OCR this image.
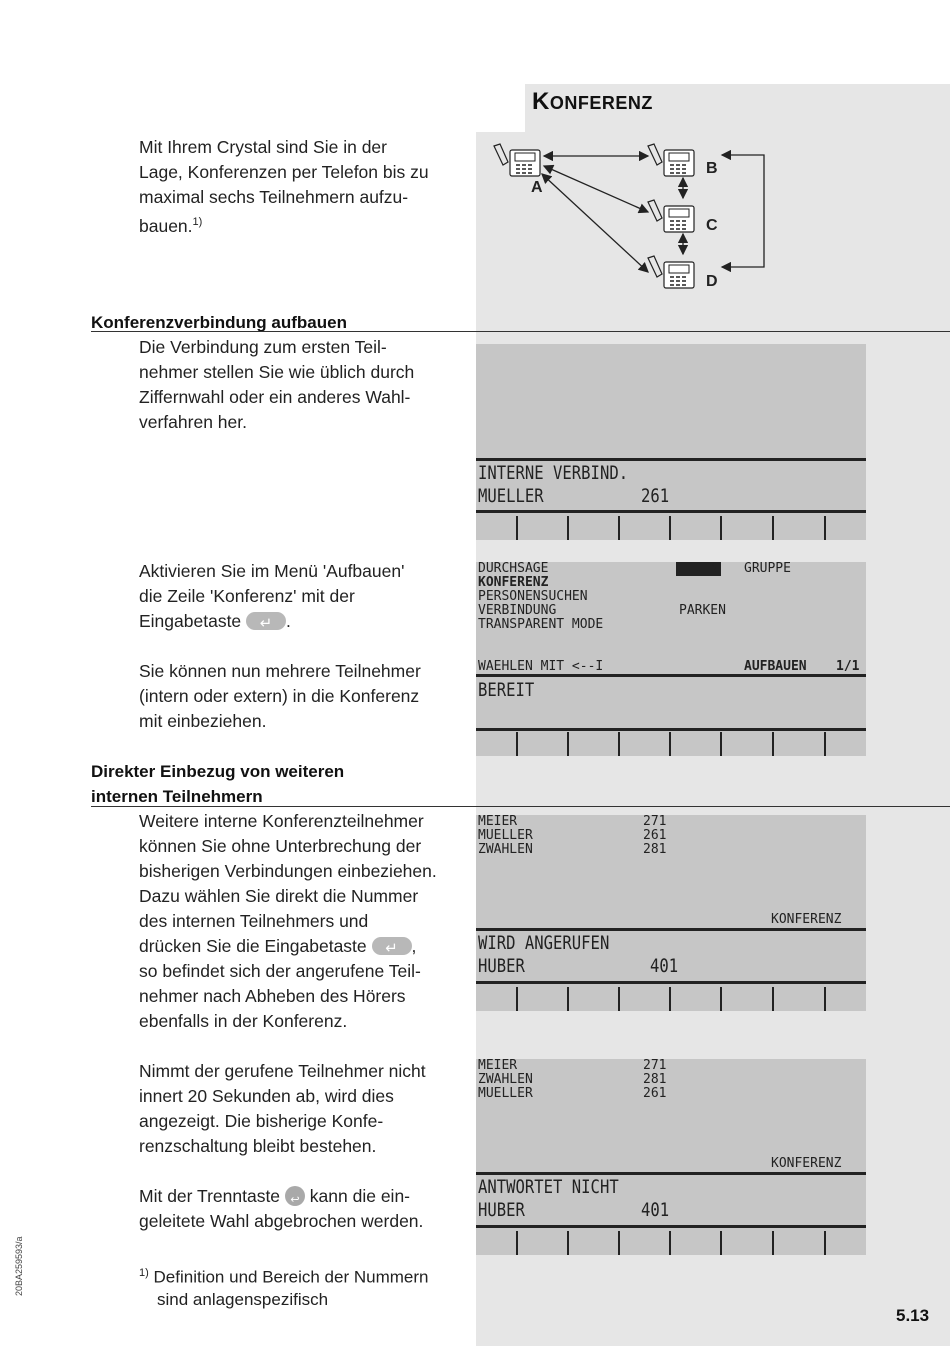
KONFERENZ
Mit Ihrem Crystal sind Sie in der
Lage, Konferenzen per Telefon bis zu
maximal sechs Teilnehmern aufzu-
bauen.$^{1)}$
A
B
C
D
Konferenzverbindung aufbauen
Die Verbindung zum ersten Teil-
nehmer stellen Sie wie üblich durch
Ziffernwahl oder ein anderes Wahl-
verfahren her.
Aktivieren Sie im Menü 'Aufbauen'
die Zeile 'Konferenz' mit der
Eingabetaste	↵ .
Sie können nun mehrere Teilnehmer
(intern oder extern) in die Konferenz
mit einbeziehen.
Direkter Einbezug von weiteren
internen Teilnehmern
Weitere interne Konferenzteilnehmer
können Sie ohne Unterbrechung der
bisherigen Verbindungen einbeziehen.
Dazu wählen Sie direkt die Nummer
des internen Teilnehmers und
drücken Sie die Eingabetaste	↵ ,
so befindet sich der angerufene Teil-
nehmer nach Abheben des Hörers
ebenfalls in der Konferenz.
Nimmt der gerufene Teilnehmer nicht
innert 20 Sekunden ab, wird dies
angezeigt. Die bisherige Konfe-
renzschaltung bleibt bestehen.
Mit der Trenntaste ↩ kann die ein-
geleitete Wahl abgebrochen werden.
$^{1)}$ Definition und Bereich der Nummern
sind anlagenspezifisch
INTERNE VERBIND.
MUELLER	261
DURCHSAGE
KONFERENZ
PERSONENSUCHEN
VERBINDUNG
TRANSPARENT MODE
TEILN GRUPPE
PARKEN
WAEHLEN MIT <--I	AUFBAUEN 1/1
BEREIT
MEIER	271
MUELLER	261
ZWAHLEN	281
KONFERENZ
WIRD ANGERUFEN
HUBER	401
MEIER	271
ZWAHLEN	281
MUELLER	261
KONFERENZ
ANTWORTET NICHT
HUBER	401
20BA259593/a
5.13
